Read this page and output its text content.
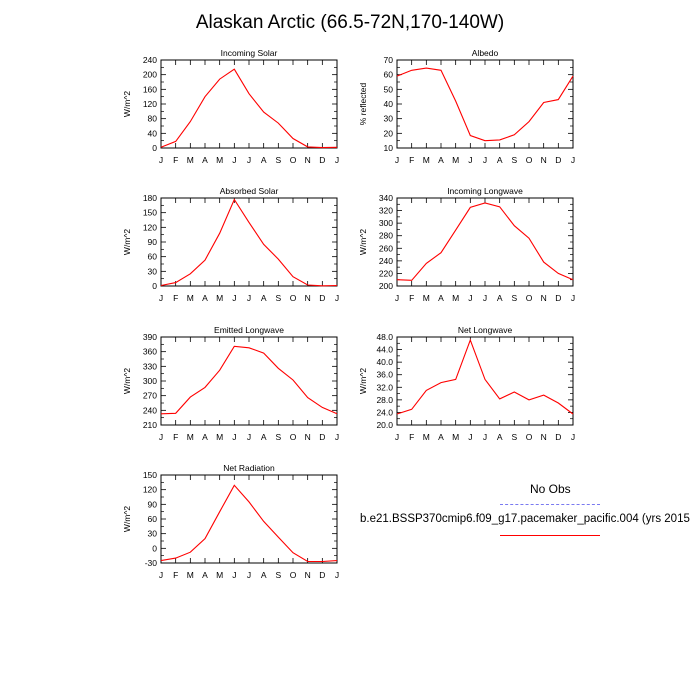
Alaskan Arctic (66.5-72N,170-140W)
J F M A M J J A S O N D J
0
40
80
120
160
200
240
Incoming Solar
W/m^2
J F M A M J J A S O N D J
10
20
30
40
50
60
70
Albedo
% reflected
J F M A M J J A S O N D J
0
30
60
90
120
150
180
Absorbed Solar
W/m^2
J F M A M J J A S O N D J
200
220
240
260
280
300
320
340
Incoming Longwave
W/m^2
J F M A M J J A S O N D J
210
240
270
300
330
360
390
Emitted Longwave
W/m^2
J F M A M J J A S O N D J
20.0
24.0
28.0
32.0
36.0
40.0
44.0
48.0
Net Longwave
W/m^2
J F M A M J J A S O N D J
-30
0
30
60
90
120
150
Net Radiation
W/m^2
No Obs
b.e21.BSSP370cmip6.f09_g17.pacemaker_pacific.004 (yrs 2015
